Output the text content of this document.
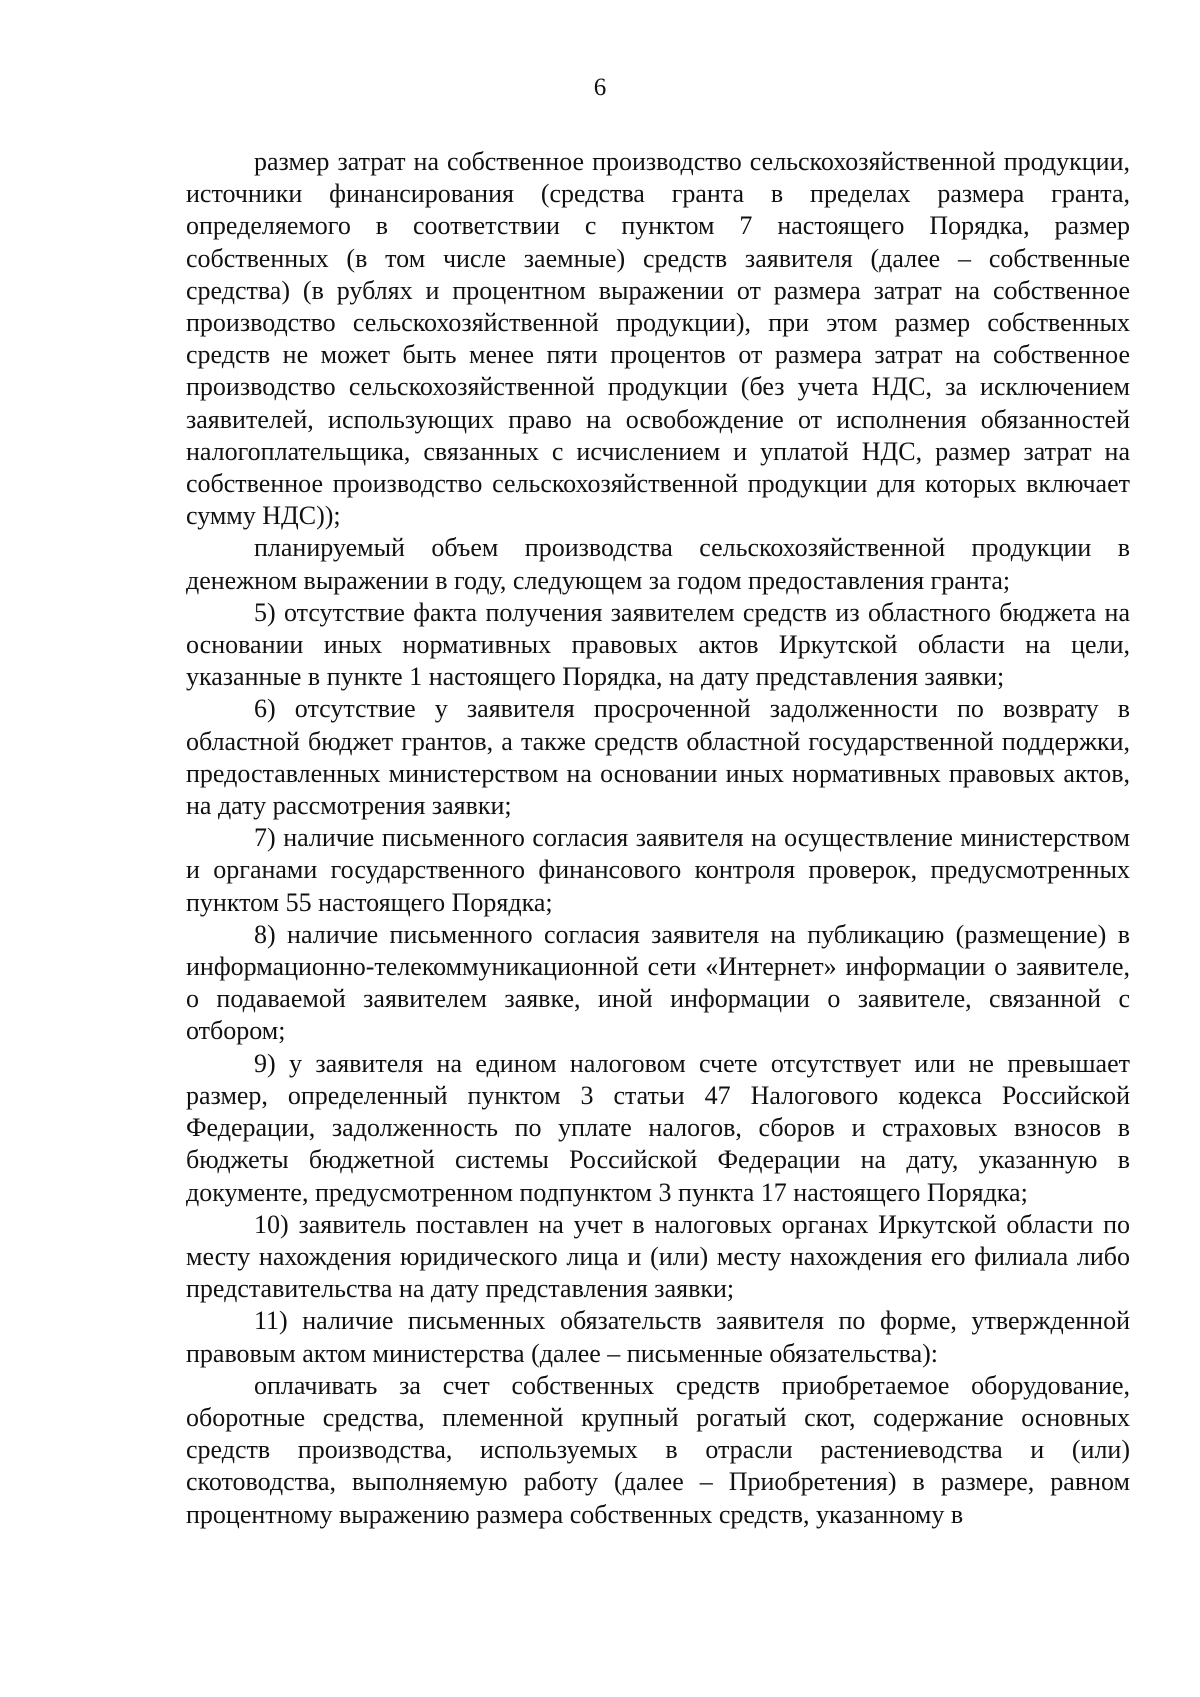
6

размер затрат на собственное производство сельскохозяйственной продукции, источники финансирования (средства гранта в пределах размера гранта, определяемого в соответствии с пунктом 7 настоящего Порядка, размер собственных (в том числе заемные) средств заявителя (далее – собственные средства) (в рублях и процентном выражении от размера затрат на собственное производство сельскохозяйственной продукции), при этом размер собственных средств не может быть менее пяти процентов от размера затрат на собственное производство сельскохозяйственной продукции (без учета НДС, за исключением заявителей, использующих право на освобождение от исполнения обязанностей налогоплательщика, связанных с исчислением и уплатой НДС, размер затрат на собственное производство сельскохозяйственной продукции для которых включает сумму НДС));

планируемый объем производства сельскохозяйственной продукции в денежном выражении в году, следующем за годом предоставления гранта;

5) отсутствие факта получения заявителем средств из областного бюджета на основании иных нормативных правовых актов Иркутской области на цели, указанные в пункте 1 настоящего Порядка, на дату представления заявки;

6) отсутствие у заявителя просроченной задолженности по возврату в областной бюджет грантов, а также средств областной государственной поддержки, предоставленных министерством на основании иных нормативных правовых актов, на дату рассмотрения заявки;

7) наличие письменного согласия заявителя на осуществление министерством и органами государственного финансового контроля проверок, предусмотренных пунктом 55 настоящего Порядка;

8) наличие письменного согласия заявителя на публикацию (размещение) в информационно-телекоммуникационной сети «Интернет» информации о заявителе, о подаваемой заявителем заявке, иной информации о заявителе, связанной с отбором;

9) у заявителя на едином налоговом счете отсутствует или не превышает размер, определенный пунктом 3 статьи 47 Налогового кодекса Российской Федерации, задолженность по уплате налогов, сборов и страховых взносов в бюджеты бюджетной системы Российской Федерации на дату, указанную в документе, предусмотренном подпунктом 3 пункта 17 настоящего Порядка;

10) заявитель поставлен на учет в налоговых органах Иркутской области по месту нахождения юридического лица и (или) месту нахождения его филиала либо представительства на дату представления заявки;

11) наличие письменных обязательств заявителя по форме, утвержденной правовым актом министерства (далее – письменные обязательства):

оплачивать за счет собственных средств приобретаемое оборудование, оборотные средства, племенной крупный рогатый скот, содержание основных средств производства, используемых в отрасли растениеводства и (или) скотоводства, выполняемую работу (далее – Приобретения) в размере, равном процентному выражению размера собственных средств, указанному в
